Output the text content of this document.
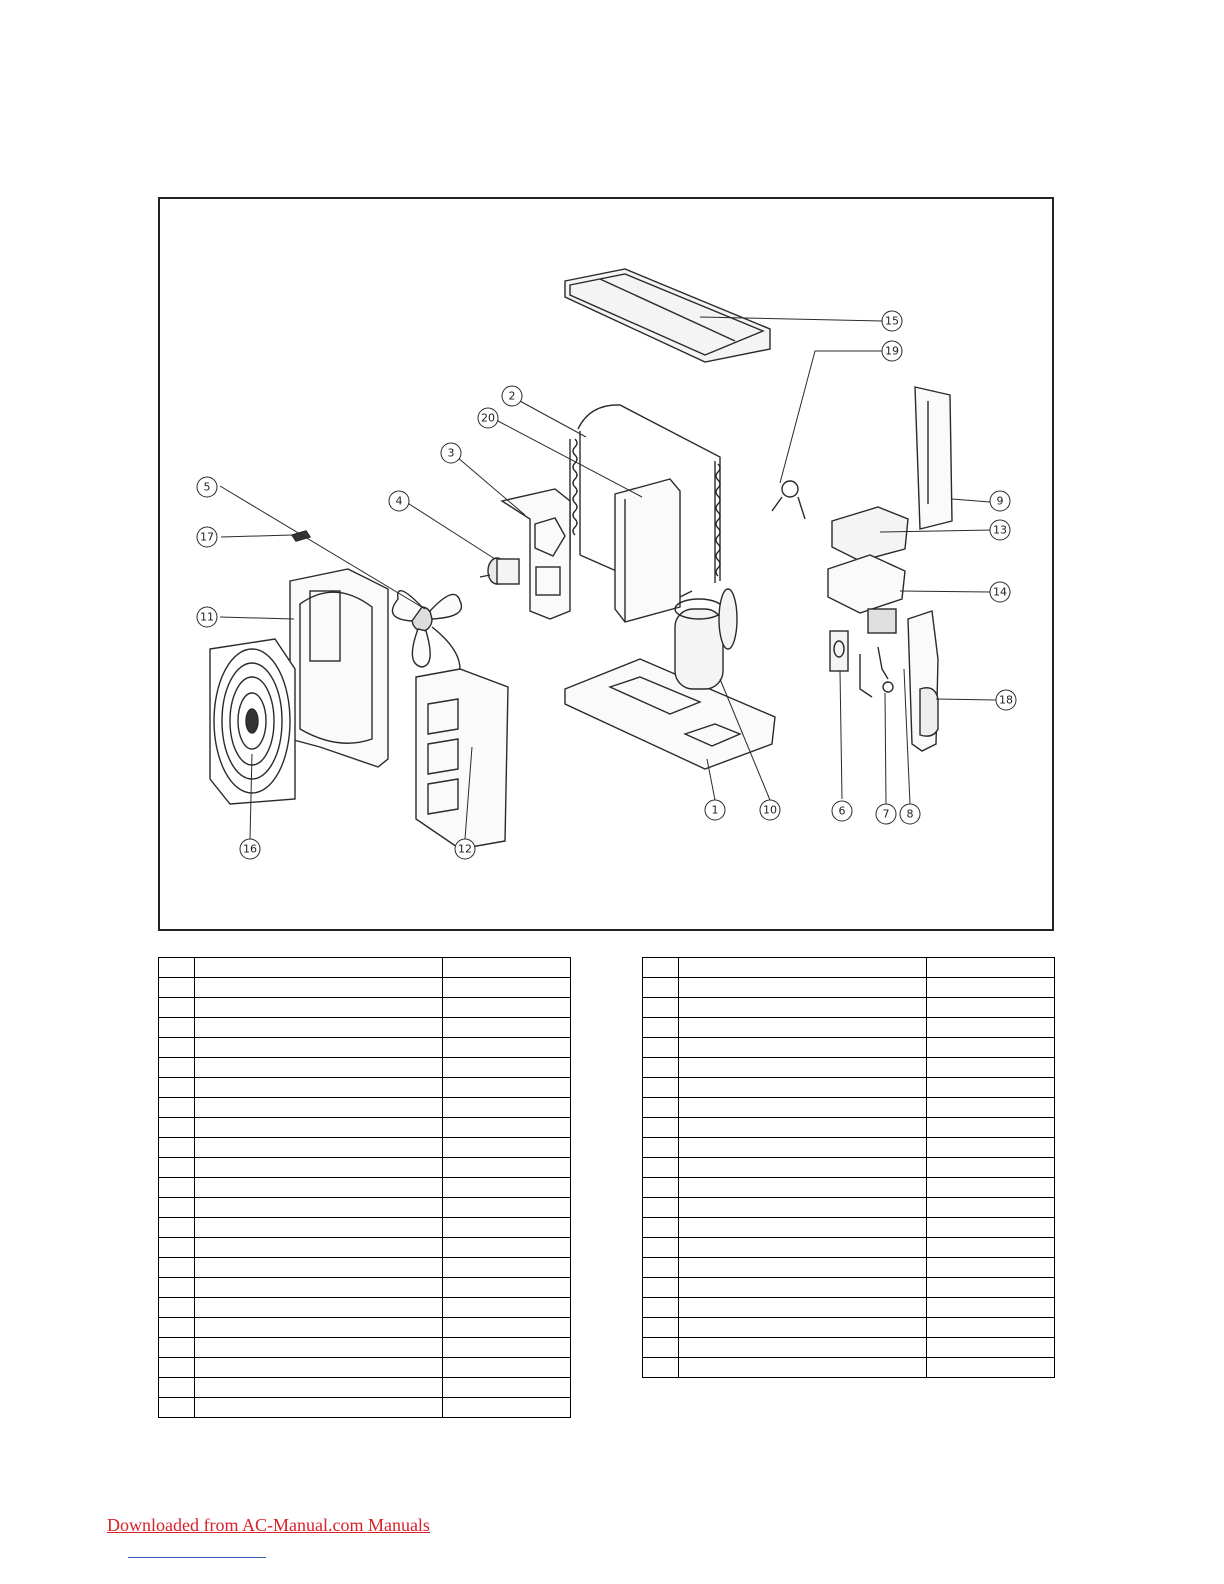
15
19
2
20
3
4
5
17
11
16	12
1	10	6	7 8
13
9
14
18

Downloaded from AC-Manual.com Manuals
